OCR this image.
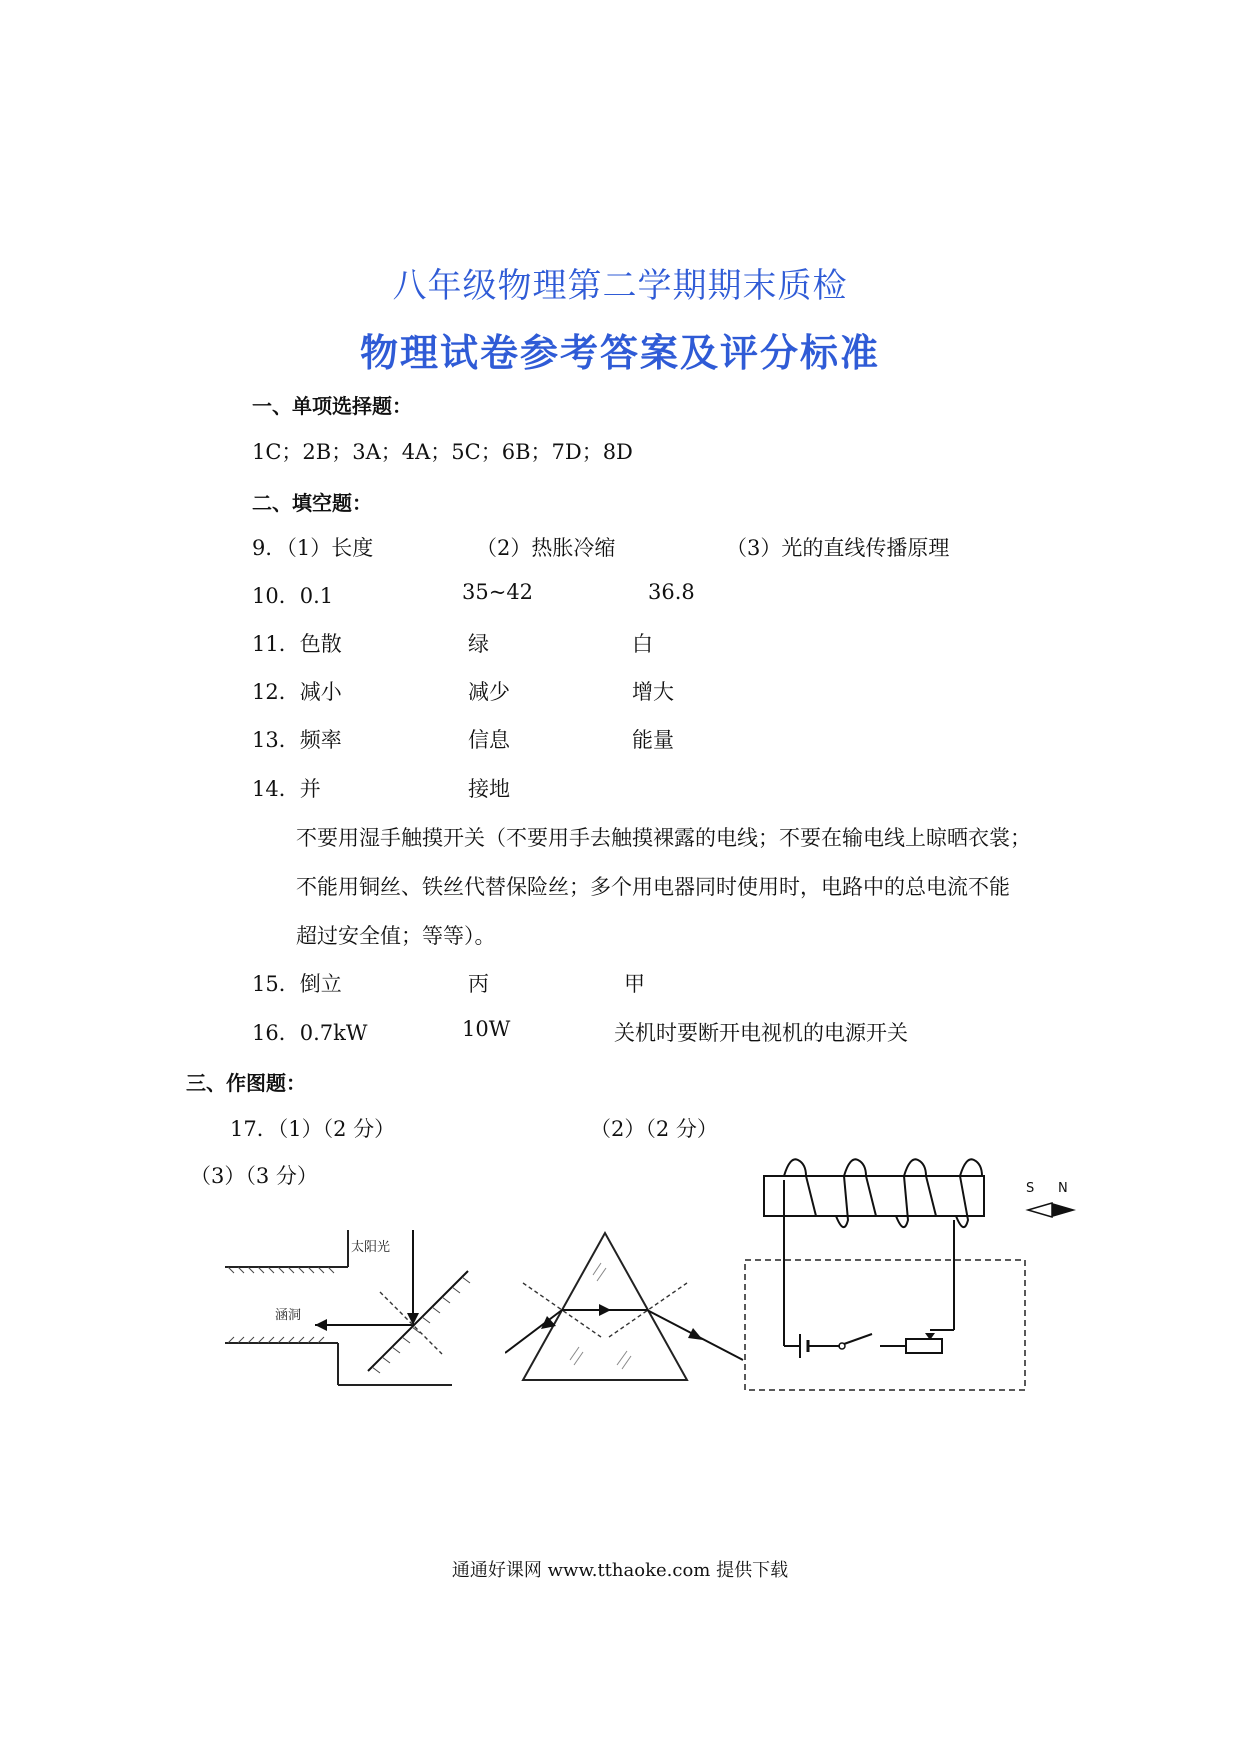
八年级物理第二学期期末质检
物理试卷参考答案及评分标准
一、单项选择题：
1C；2B；3A；4A；5C；6B；7D；8D
二、填空题：
9．（1）长度	（2）热胀冷缩	（3）光的直线传播原理
10．0.1	35~42	36.8
11．色散	绿	白
12．减小	减少	增大
13．频率	信息	能量
14．并	接地
不要用湿手触摸开关（不要用手去触摸裸露的电线；不要在输电线上晾晒衣裳；
不能用铜丝、铁丝代替保险丝；多个用电器同时使用时，电路中的总电流不能
超过安全值；等等）。
15．倒立	丙	甲
16．0.7kW	10W	关机时要断开电视机的电源开关
三、作图题：
17．（1）（2 分）	（2）（2 分）
（3）（3 分）
太阳光
涵洞
S N
通通好课网 www.tthaoke.com 提供下载
